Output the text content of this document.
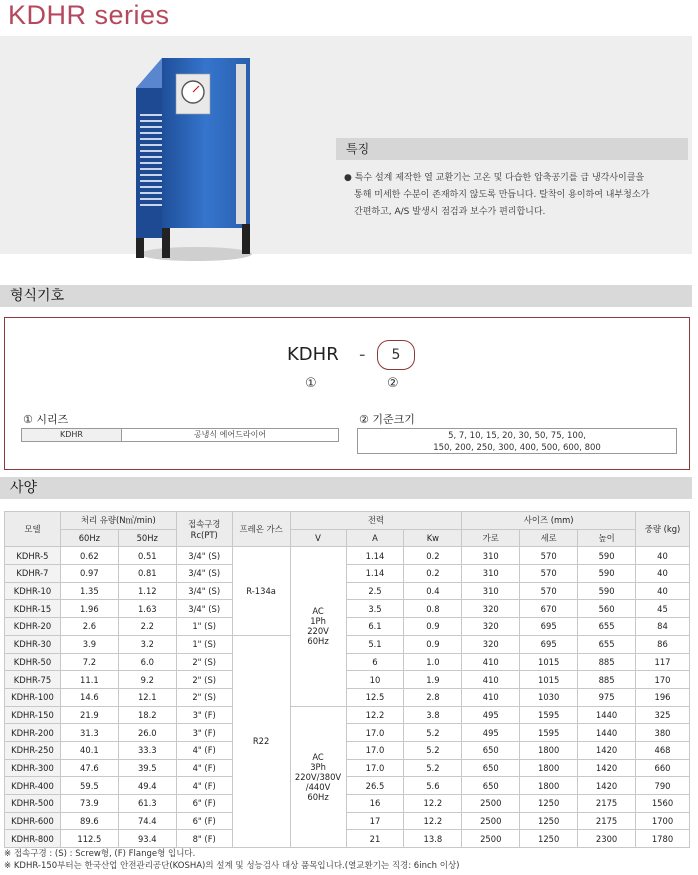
KDHR series
특징
● 특수 설계 제작한 열 교환기는 고온 및 다습한 압축공기를 급 냉각사이클을
통해 미세한 수분이 존재하지 않도록 만듭니다. 탈착이 용이하여 내부청소가
간편하고, A/S 발생시 점검과 보수가 편리합니다.
형식기호
KDHR -	5
①	②
① 시리즈	② 기준크기
KDHR	공냉식 에어드라이어	5, 7, 10, 15, 20, 30, 50, 75, 100,
150, 200, 250, 300, 400, 500, 600, 800
사양
모델	처리 유량(N㎥/min)		접속구경
Rc(PT)	프레온 가스	전력			사이즈 (mm)			중량 (kg)
	60Hz	50Hz			V	A	Kw	가로	세로	높이	
KDHR-5	0.62	0.51	3/4" (S)	R-134a	AC
1Ph
220V
60Hz	1.14	0.2	310	570	590	40
KDHR-7	0.97	0.81	3/4" (S)			1.14	0.2	310	570	590	40
KDHR-10	1.35	1.12	3/4" (S)			2.5	0.4	310	570	590	40
KDHR-15	1.96	1.63	3/4" (S)			3.5	0.8	320	670	560	45
KDHR-20	2.6	2.2	1" (S)			6.1	0.9	320	695	655	84
KDHR-30	3.9	3.2	1" (S)	R22		5.1	0.9	320	695	655	86
KDHR-50	7.2	6.0	2" (S)			6	1.0	410	1015	885	117
KDHR-75	11.1	9.2	2" (S)			10	1.9	410	1015	885	170
KDHR-100	14.6	12.1	2" (S)			12.5	2.8	410	1030	975	196
KDHR-150	21.9	18.2	3" (F)		AC
3Ph
220V/380V
/440V
60Hz	12.2	3.8	495	1595	1440	325
KDHR-200	31.3	26.0	3" (F)			17.0	5.2	495	1595	1440	380
KDHR-250	40.1	33.3	4" (F)			17.0	5.2	650	1800	1420	468
KDHR-300	47.6	39.5	4" (F)			17.0	5.2	650	1800	1420	660
KDHR-400	59.5	49.4	4" (F)			26.5	5.6	650	1800	1420	790
KDHR-500	73.9	61.3	6" (F)			16	12.2	2500	1250	2175	1560
KDHR-600	89.6	74.4	6" (F)			17	12.2	2500	1250	2175	1700
KDHR-800	112.5	93.4	8" (F)			21	13.8	2500	1250	2300	1780
※ 접속구경 : (S) : Screw형, (F) Flange형 입니다.
※ KDHR-150부터는 한국산업 안전관리공단(KOSHA)의 설계 및 성능검사 대상 품목입니다.(열교환기는 직경: 6inch 이상)
